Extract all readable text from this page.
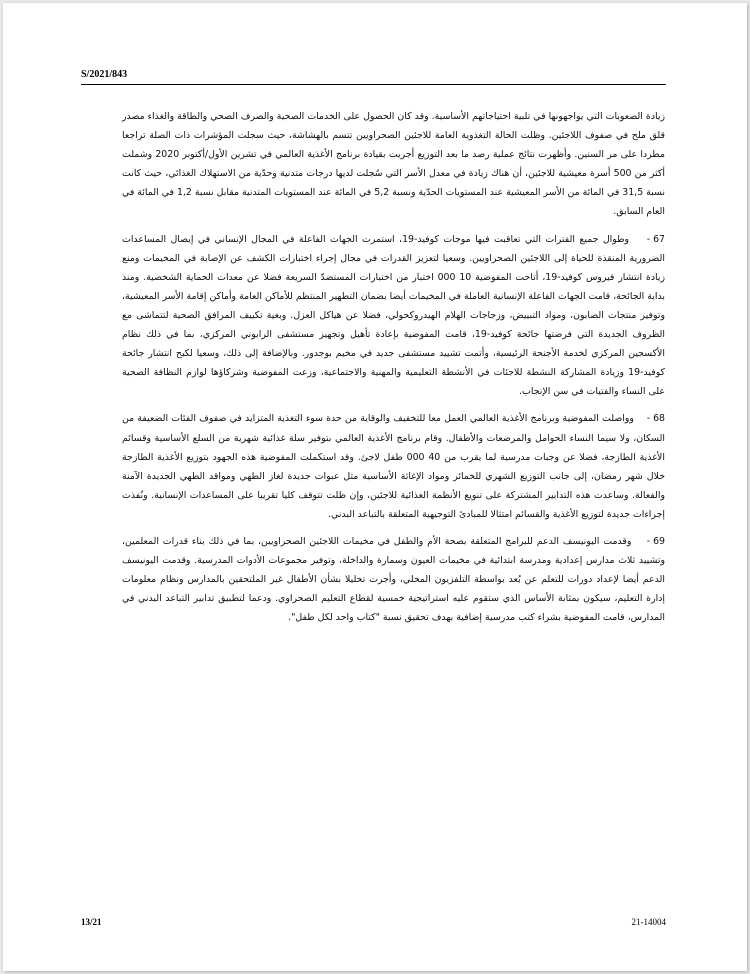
S/2021/843

زيادة الصعوبات التي يواجهونها في تلبية احتياجاتهم الأساسية. وقد كان الحصول على الخدمات الصحية والصرف الصحي والطاقة والغذاء مصدر قلق ملح في صفوف اللاجئين. وظلت الحالة التغذوية العامة للاجئين الصحراويين تتسم بالهشاشة، حيث سجلت المؤشرات ذات الصلة تراجعا مطردا على مر السنين. وأظهرت نتائج عملية رصد ما بعد التوزيع أجريت بقيادة برنامج الأغذية العالمي في تشرين الأول/أكتوبر 2020 وشملت أكثر من 500 أسرة معيشية للاجئين، أن هناك زيادة في معدل الأسر التي سُجلت لديها درجات متدنية وحدّية من الاستهلاك الغذائي، حيث كانت نسبة 31,5 في المائة من الأسر المعيشية عند المستويات الحدّية ونسبة 5,2 في المائة عند المستويات المتدنية مقابل نسبة 1,2 في المائة في العام السابق.

67 -    وطوال جميع الفترات التي تعاقبت فيها موجات كوفيد-19، استمرت الجهات الفاعلة في المجال الإنساني في إيصال المساعدات الضرورية المنقذة للحياة إلى اللاجئين الصحراويين. وسعيا لتعزيز القدرات في مجال إجراء اختبارات الكشف عن الإصابة في المخيمات ومنع زيادة انتشار فيروس كوفيد-19، أتاحت المفوضية 10 000 اختبار من اختبارات المستضدّ السريعة فضلا عن معدات الحماية الشخصية. ومنذ بداية الجائحة، قامت الجهات الفاعلة الإنسانية العاملة في المخيمات أيضا بضمان التطهير المنتظم للأماكن العامة وأماكن إقامة الأسر المعيشية، وتوفير منتجات الصابون، ومواد التبييض، وزجاجات الهلام الهيدروكحولي، فضلا عن هياكل العزل. وبغية تكييف المرافق الصحية لتتماشى مع الظروف الجديدة التي فرضتها جائحة كوفيد-19، قامت المفوضية بإعادة تأهيل وتجهيز مستشفى الرابوني المركزي، بما في ذلك نظام الأكسجين المركزي لخدمة الأجنحة الرئيسية، وأتمت تشييد مستشفى جديد في مخيم بوجدور. وبالإضافة إلى ذلك، وسعيا لكبح انتشار جائحة كوفيد-19 وزيادة المشاركة النشطة للاجئات في الأنشطة التعليمية والمهنية والاجتماعية، وزعت المفوضية وشركاؤها لوازم النظافة الصحية على النساء والفتيات في سن الإنجاب.

68 -    وواصلت المفوضية وبرنامج الأغذية العالمي العمل معا للتخفيف والوقاية من حدة سوء التغذية المتزايد في صفوف الفئات الضعيفة من السكان، ولا سيما النساء الحوامل والمرضعات والأطفال. وقام برنامج الأغذية العالمي بتوفير سلة غذائية شهرية من السلع الأساسية وقسائم الأغذية الطازجة، فضلا عن وجبات مدرسية لما يقرب من 40 000 طفل لاجئ. وقد استكملت المفوضية هذه الجهود بتوزيع الأغذية الطازجة خلال شهر رمضان، إلى جانب التوزيع الشهري للخمائر ومواد الإغاثة الأساسية مثل عبوات جديدة لغاز الطهي ومواقد الطهي الجديدة الآمنة والفعالة. وساعدت هذه التدابير المشتركة على تنويع الأنظمة الغذائية للاجئين، وإن ظلت تتوقف كليا تقريبا على المساعدات الإنسانية. ونُفذت إجراءات جديدة لتوزيع الأغذية والقسائم امتثالا للمبادئ التوجيهية المتعلقة بالتباعد البدني.

69 -    وقدمت اليونيسف الدعم للبرامج المتعلقة بصحة الأم والطفل في مخيمات اللاجئين الصحراويين، بما في ذلك بناء قدرات المعلمين، وتشييد ثلاث مدارس إعدادية ومدرسة ابتدائية في مخيمات العيون وسمارة والداخلة، وتوفير مجموعات الأدوات المدرسية. وقدمت اليونيسف الدعم أيضا لإعداد دورات للتعلم عن بُعد بواسطة التلفزيون المحلي، وأجرت تحليلا بشأن الأطفال غير الملتحقين بالمدارس ونظام معلومات إدارة التعليم، سيكون بمثابة الأساس الذي ستقوم عليه استراتيجية خمسية لقطاع التعليم الصحراوي. ودعما لتطبيق تدابير التباعد البدني في المدارس، قامت المفوضية بشراء كتب مدرسية إضافية بهدف تحقيق نسبة "كتاب واحد لكل طفل".

13/21	21-14004
